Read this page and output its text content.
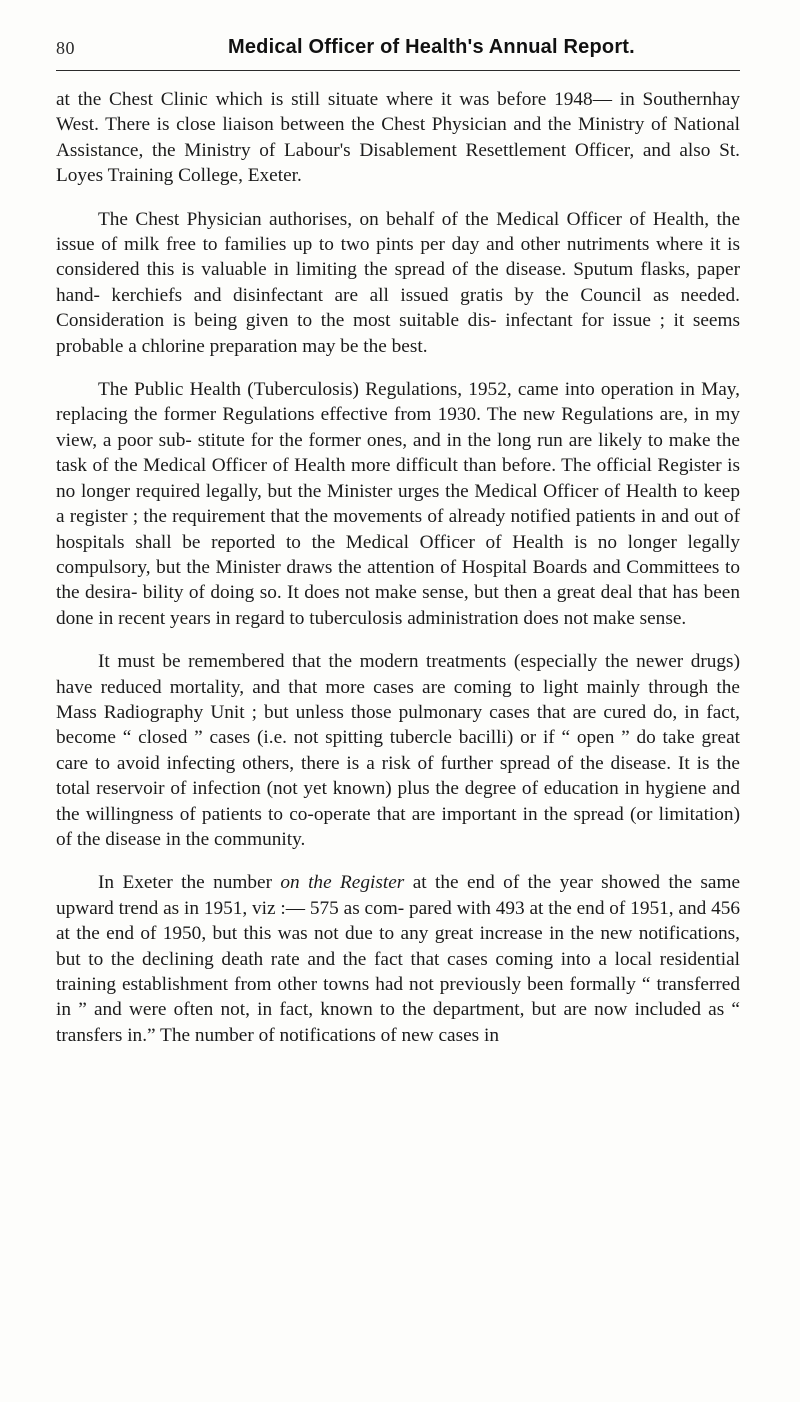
80	Medical Officer of Health's Annual Report.

at the Chest Clinic which is still situate where it was before 1948— in Southernhay West. There is close liaison between the Chest Physician and the Ministry of National Assistance, the Ministry of Labour's Disablement Resettlement Officer, and also St. Loyes Training College, Exeter.

The Chest Physician authorises, on behalf of the Medical Officer of Health, the issue of milk free to families up to two pints per day and other nutriments where it is considered this is valuable in limiting the spread of the disease. Sputum flasks, paper hand- kerchiefs and disinfectant are all issued gratis by the Council as needed. Consideration is being given to the most suitable dis- infectant for issue ; it seems probable a chlorine preparation may be the best.

The Public Health (Tuberculosis) Regulations, 1952, came into operation in May, replacing the former Regulations effective from 1930. The new Regulations are, in my view, a poor sub- stitute for the former ones, and in the long run are likely to make the task of the Medical Officer of Health more difficult than before. The official Register is no longer required legally, but the Minister urges the Medical Officer of Health to keep a register ; the requirement that the movements of already notified patients in and out of hospitals shall be reported to the Medical Officer of Health is no longer legally compulsory, but the Minister draws the attention of Hospital Boards and Committees to the desira- bility of doing so. It does not make sense, but then a great deal that has been done in recent years in regard to tuberculosis administration does not make sense.

It must be remembered that the modern treatments (especially the newer drugs) have reduced mortality, and that more cases are coming to light mainly through the Mass Radiography Unit ; but unless those pulmonary cases that are cured do, in fact, become “ closed ” cases (i.e. not spitting tubercle bacilli) or if “ open ” do take great care to avoid infecting others, there is a risk of further spread of the disease. It is the total reservoir of infection (not yet known) plus the degree of education in hygiene and the willingness of patients to co-operate that are important in the spread (or limitation) of the disease in the community.

In Exeter the number on the Register at the end of the year showed the same upward trend as in 1951, viz :— 575 as com- pared with 493 at the end of 1951, and 456 at the end of 1950, but this was not due to any great increase in the new notifications, but to the declining death rate and the fact that cases coming into a local residential training establishment from other towns had not previously been formally “ transferred in ” and were often not, in fact, known to the department, but are now included as “ transfers in.” The number of notifications of new cases in
